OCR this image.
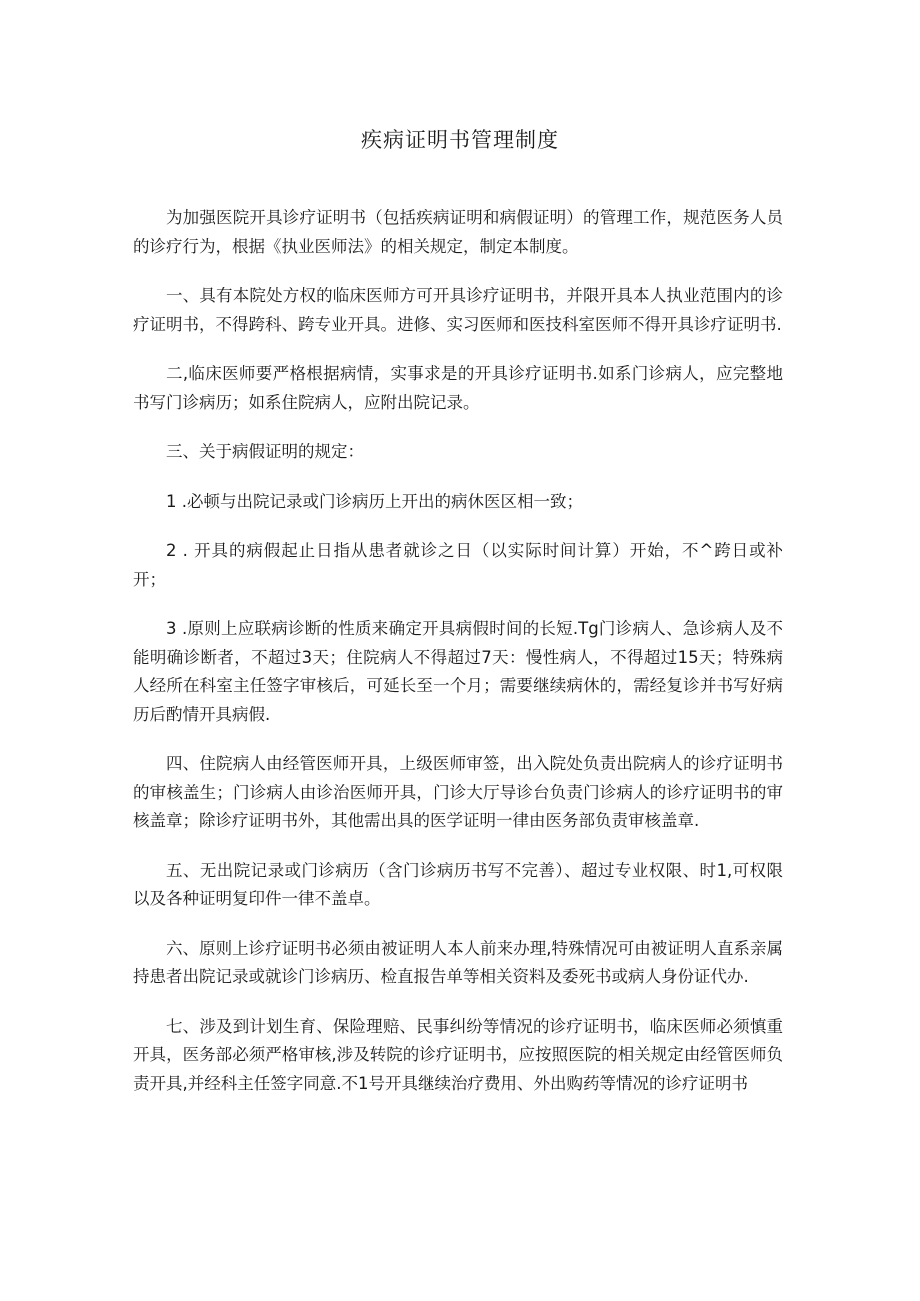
疾病证明书管理制度

为加强医院开具诊疗证明书（包括疾病证明和病假证明）的管理工作，规范医务人员的诊疗行为，根据《执业医师法》的相关规定，制定本制度。

一、具有本院处方权的临床医师方可开具诊疗证明书，并限开具本人执业范围内的诊疗证明书，不得跨科、跨专业开具。进修、实习医师和医技科室医师不得开具诊疗证明书.

二,临床医师要严格根据病情，实事求是的开具诊疗证明书.如系门诊病人，应完整地书写门诊病历；如系住院病人，应附出院记录。

三、关于病假证明的规定：

1 .必顿与出院记录或门诊病历上开出的病休医区相一致；

2 . 开具的病假起止日指从患者就诊之日（以实际时间计算）开始，不^跨日或补开；

3 .原则上应联病诊断的性质来确定开具病假时间的长短.Tg门诊病人、急诊病人及不能明确诊断者，不超过3天；住院病人不得超过7天：慢性病人，不得超过15天；特殊病人经所在科室主任签字审核后，可延长至一个月；需要继续病休的，需经复诊并书写好病历后酌情开具病假.

四、住院病人由经管医师开具，上级医师审签，出入院处负责出院病人的诊疗证明书的审核盖生；门诊病人由诊治医师开具，门诊大厅导诊台负责门诊病人的诊疗证明书的审核盖章；除诊疗证明书外，其他需出具的医学证明一律由医务部负责审核盖章.

五、无出院记录或门诊病历（含门诊病历书写不完善）、超过专业权限、时1,可权限以及各种证明复印件一律不盖卓。

六、原则上诊疗证明书必须由被证明人本人前来办理,特殊情况可由被证明人直系亲属持患者出院记录或就诊门诊病历、检直报告单等相关资料及委死书或病人身份证代办.

七、涉及到计划生育、保险理赔、民事纠纷等情况的诊疗证明书，临床医师必须慎重开具，医务部必须严格审核,涉及转院的诊疗证明书，应按照医院的相关规定由经管医师负责开具,并经科主任签字同意.不1号开具继续治疗费用、外出购药等情况的诊疗证明书
